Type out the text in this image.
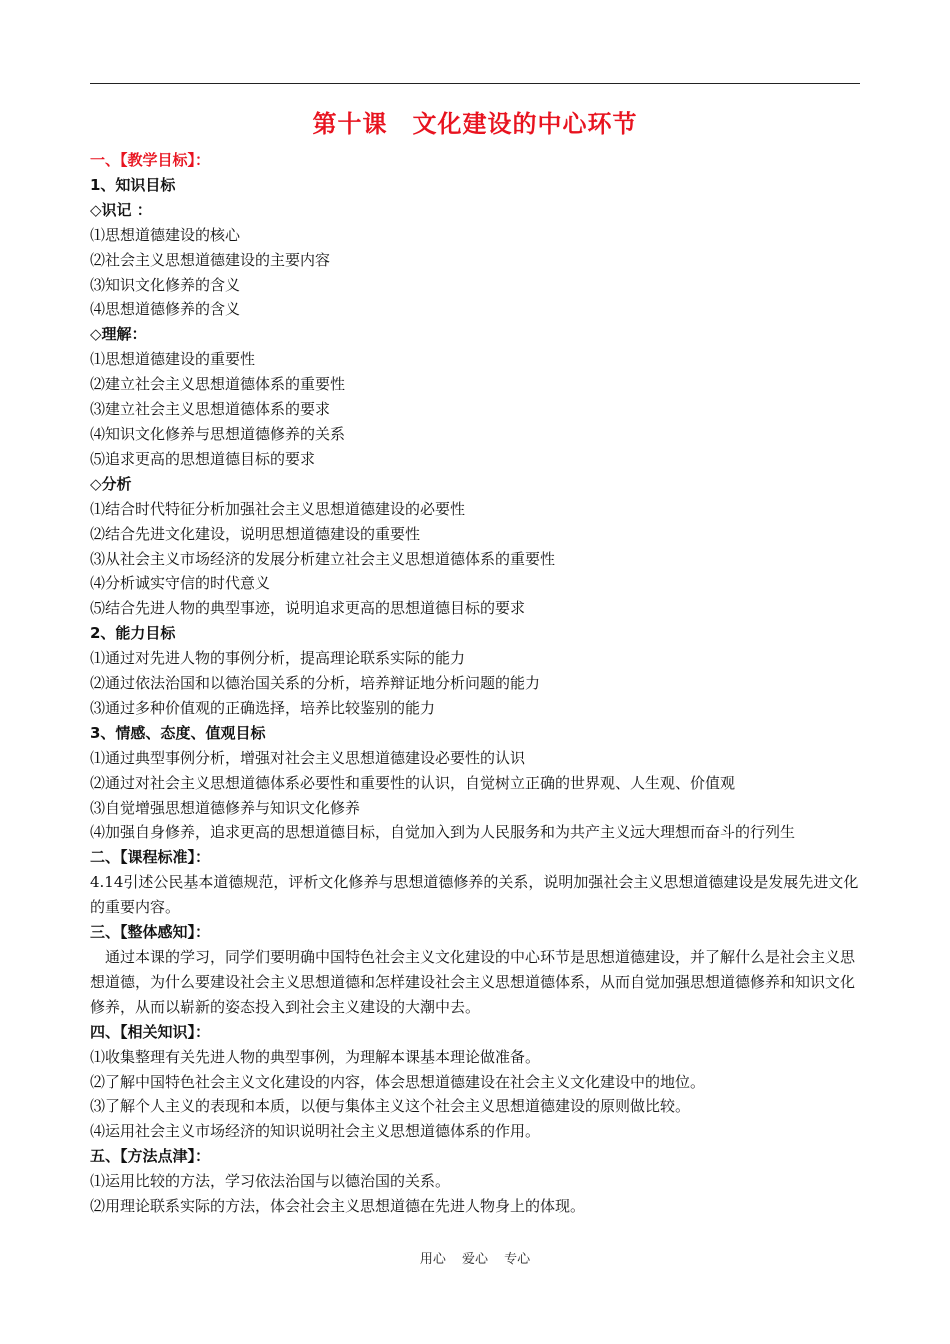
第十课　文化建设的中心环节
一、【教学目标】：
1、知识目标
◇识记 ：
⑴思想道德建设的核心
⑵社会主义思想道德建设的主要内容
⑶知识文化修养的含义
⑷思想道德修养的含义
◇理解：
⑴思想道德建设的重要性
⑵建立社会主义思想道德体系的重要性
⑶建立社会主义思想道德体系的要求
⑷知识文化修养与思想道德修养的关系
⑸追求更高的思想道德目标的要求
◇分析
⑴结合时代特征分析加强社会主义思想道德建设的必要性
⑵结合先进文化建设，说明思想道德建设的重要性
⑶从社会主义市场经济的发展分析建立社会主义思想道德体系的重要性
⑷分析诚实守信的时代意义
⑸结合先进人物的典型事迹，说明追求更高的思想道德目标的要求
2、能力目标
⑴通过对先进人物的事例分析，提高理论联系实际的能力
⑵通过依法治国和以德治国关系的分析，培养辩证地分析问题的能力
⑶通过多种价值观的正确选择，培养比较鉴别的能力
3、情感、态度、值观目标
⑴通过典型事例分析，增强对社会主义思想道德建设必要性的认识
⑵通过对社会主义思想道德体系必要性和重要性的认识，自觉树立正确的世界观、人生观、价值观
⑶自觉增强思想道德修养与知识文化修养
⑷加强自身修养，追求更高的思想道德目标，自觉加入到为人民服务和为共产主义远大理想而奋斗的行列生
二、【课程标准】：
4.14引述公民基本道德规范，评析文化修养与思想道德修养的关系，说明加强社会主义思想道德建设是发展先进文化的重要内容。
三、【整体感知】：
通过本课的学习，同学们要明确中国特色社会主义文化建设的中心环节是思想道德建设，并了解什么是社会主义思想道德，为什么要建设社会主义思想道德和怎样建设社会主义思想道德体系，从而自觉加强思想道德修养和知识文化修养，从而以崭新的姿态投入到社会主义建设的大潮中去。
四、【相关知识】：
⑴收集整理有关先进人物的典型事例，为理解本课基本理论做准备。
⑵了解中国特色社会主义文化建设的内容，体会思想道德建设在社会主义文化建设中的地位。
⑶了解个人主义的表现和本质，以便与集体主义这个社会主义思想道德建设的原则做比较。
⑷运用社会主义市场经济的知识说明社会主义思想道德体系的作用。
五、【方法点津】：
⑴运用比较的方法，学习依法治国与以德治国的关系。
⑵用理论联系实际的方法，体会社会主义思想道德在先进人物身上的体现。
用心 爱心 专心
